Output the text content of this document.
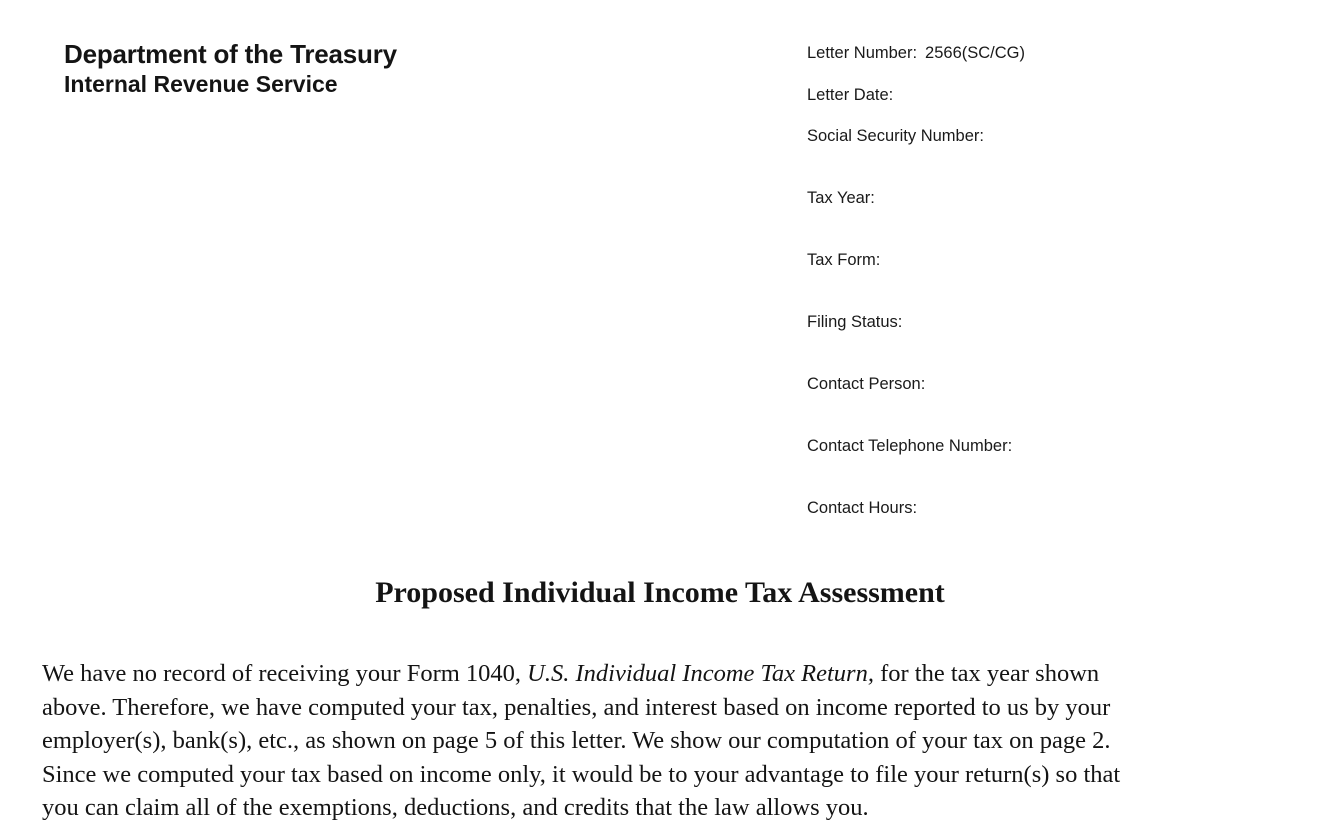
Department of the Treasury
Internal Revenue Service
Letter Number: 2566(SC/CG)
Letter Date:
Social Security Number:
Tax Year:
Tax Form:
Filing Status:
Contact Person:
Contact Telephone Number:
Contact Hours:
Proposed Individual Income Tax Assessment

We have no record of receiving your Form 1040, U.S. Individual Income Tax Return, for the tax year shown
above. Therefore, we have computed your tax, penalties, and interest based on income reported to us by your
employer(s), bank(s), etc., as shown on page 5 of this letter. We show our computation of your tax on page 2.
Since we computed your tax based on income only, it would be to your advantage to file your return(s) so that
you can claim all of the exemptions, deductions, and credits that the law allows you.
